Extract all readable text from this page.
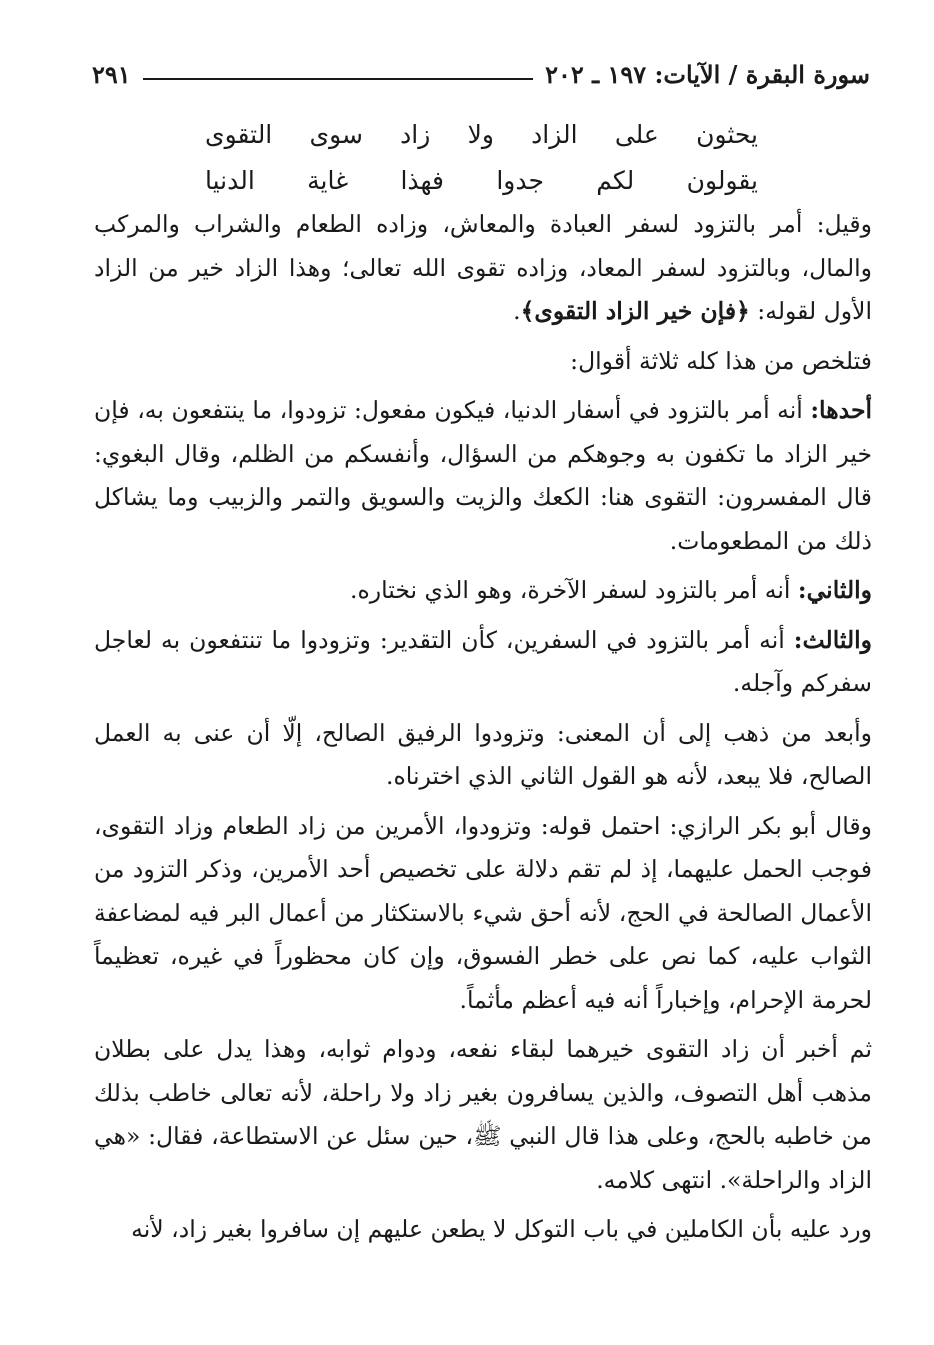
سورة البقرة / الآيات: ١٩٧ ـ ٢٠٢
٢٩١
يحثون
على
الزاد
ولا
زاد
سوى
التقوى
يقولون
لكم
جدوا
فهذا
غاية
الدنيا

وقيل: أمر بالتزود لسفر العبادة والمعاش، وزاده الطعام والشراب والمركب والمال، وبالتزود لسفر المعاد، وزاده تقوى الله تعالى؛ وهذا الزاد خير من الزاد الأول لقوله: ﴿فإن خير الزاد التقوى﴾.

فتلخص من هذا كله ثلاثة أقوال:

أحدها: أنه أمر بالتزود في أسفار الدنيا، فيكون مفعول: تزودوا، ما ينتفعون به، فإن خير الزاد ما تكفون به وجوهكم من السؤال، وأنفسكم من الظلم، وقال البغوي: قال المفسرون: التقوى هنا: الكعك والزيت والسويق والتمر والزبيب وما يشاكل ذلك من المطعومات.

والثاني: أنه أمر بالتزود لسفر الآخرة، وهو الذي نختاره.

والثالث: أنه أمر بالتزود في السفرين، كأن التقدير: وتزودوا ما تنتفعون به لعاجل سفركم وآجله.

وأبعد من ذهب إلى أن المعنى: وتزودوا الرفيق الصالح، إلّا أن عنى به العمل الصالح، فلا يبعد، لأنه هو القول الثاني الذي اخترناه.

وقال أبو بكر الرازي: احتمل قوله: وتزودوا، الأمرين من زاد الطعام وزاد التقوى، فوجب الحمل عليهما، إذ لم تقم دلالة على تخصيص أحد الأمرين، وذكر التزود من الأعمال الصالحة في الحج، لأنه أحق شيء بالاستكثار من أعمال البر فيه لمضاعفة الثواب عليه، كما نص على خطر الفسوق، وإن كان محظوراً في غيره، تعظيماً لحرمة الإحرام، وإخباراً أنه فيه أعظم مأثماً.

ثم أخبر أن زاد التقوى خيرهما لبقاء نفعه، ودوام ثوابه، وهذا يدل على بطلان مذهب أهل التصوف، والذين يسافرون بغير زاد ولا راحلة، لأنه تعالى خاطب بذلك من خاطبه بالحج، وعلى هذا قال النبي ﷺ، حين سئل عن الاستطاعة، فقال: «هي الزاد والراحلة». انتهى كلامه.

ورد عليه بأن الكاملين في باب التوكل لا يطعن عليهم إن سافروا بغير زاد، لأنه
